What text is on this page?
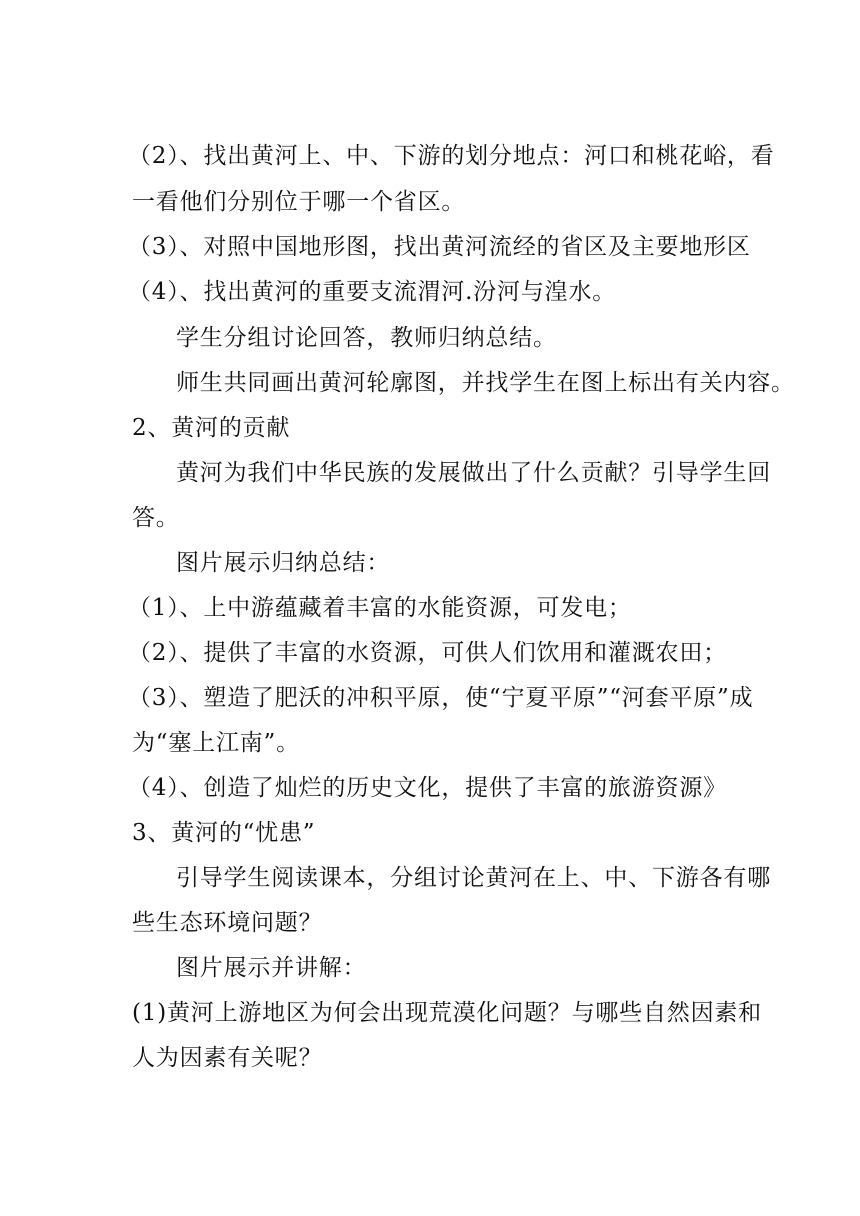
（2）、找出黄河上、中、下游的划分地点：河口和桃花峪，看
一看他们分别位于哪一个省区。
（3）、对照中国地形图，找出黄河流经的省区及主要地形区
（4）、找出黄河的重要支流渭河.汾河与湟水。
学生分组讨论回答，教师归纳总结。
师生共同画出黄河轮廓图，并找学生在图上标出有关内容。
2、黄河的贡献
黄河为我们中华民族的发展做出了什么贡献？引导学生回
答。
图片展示归纳总结：
（1）、上中游蕴藏着丰富的水能资源，可发电；
（2）、提供了丰富的水资源，可供人们饮用和灌溉农田；
（3）、塑造了肥沃的冲积平原，使“宁夏平原”“河套平原”成
为“塞上江南”。
（4）、创造了灿烂的历史文化，提供了丰富的旅游资源》
3、黄河的“忧患”
引导学生阅读课本，分组讨论黄河在上、中、下游各有哪
些生态环境问题？
图片展示并讲解：
(1)黄河上游地区为何会出现荒漠化问题？与哪些自然因素和
人为因素有关呢？
